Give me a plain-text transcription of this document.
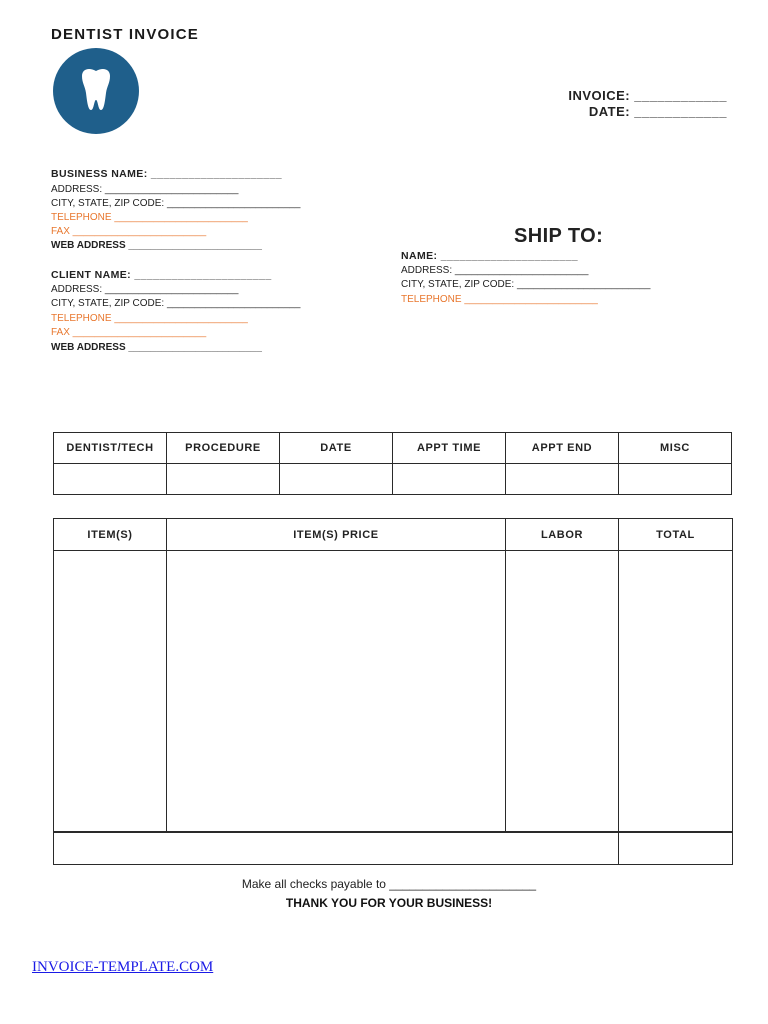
DENTIST INVOICE
INVOICE: ____________
DATE: ____________
BUSINESS NAME: _____________________
ADDRESS: ________________________
CITY, STATE, ZIP CODE: ________________________
TELEPHONE ________________________
FAX ________________________
WEB ADDRESS ________________________
CLIENT NAME: ______________________
ADDRESS: ________________________
CITY, STATE, ZIP CODE: ________________________
TELEPHONE ________________________
FAX ________________________
WEB ADDRESS ________________________
SHIP TO:
NAME: ______________________
ADDRESS: ________________________
CITY, STATE, ZIP CODE: ________________________
TELEPHONE ________________________
DENTIST/TECH	PROCEDURE	DATE	APPT TIME	APPT END	MISC

ITEM(S)	ITEM(S) PRICE	LABOR	TOTAL

Make all checks payable to ______________________
THANK YOU FOR YOUR BUSINESS!
INVOICE-TEMPLATE.COM
